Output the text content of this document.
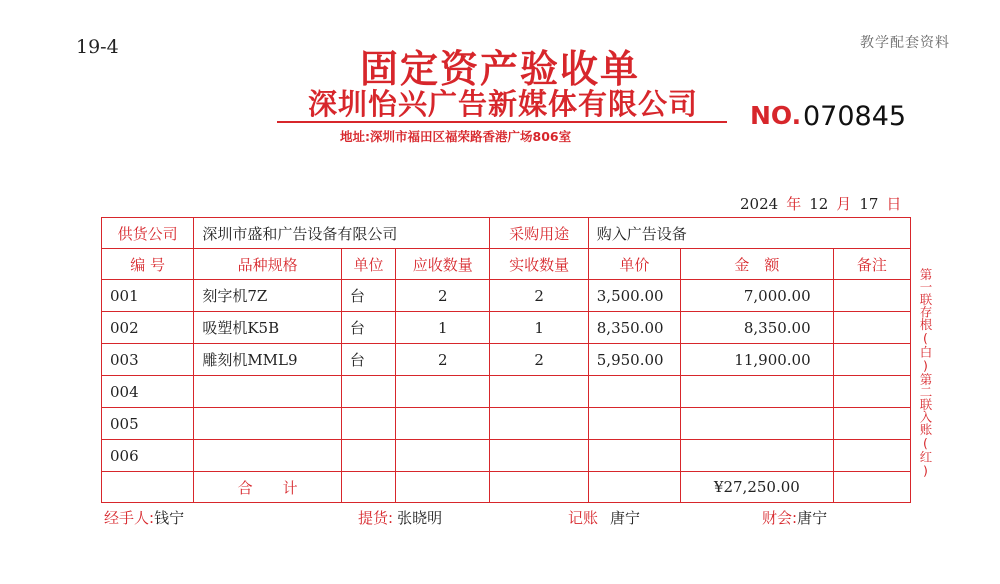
19-4	教学配套资料
固定资产验收单
深圳怡兴广告新媒体有限公司
地址:深圳市福田区福荣路香港广场806室
NO. 070845
2024 年 12 月 17 日
供货公司	深圳市盛和广告设备有限公司			采购用途	购入广告设备		
编 号	品种规格	单位	应收数量	实收数量	单价	金　额	备注
001	刻字机7Z	台	2	2	3,500.00	7,000.00	
002	吸塑机K5B	台	1	1	8,350.00	8,350.00	
003	雕刻机MML9	台	2	2	5,950.00	11,900.00	
004							
005							
006							
	合　　计					¥27,250.00	
第一联存根(白)第二联入账(红)
经手人:钱宁	提货: 张晓明	记账 唐宁	财会:唐宁
